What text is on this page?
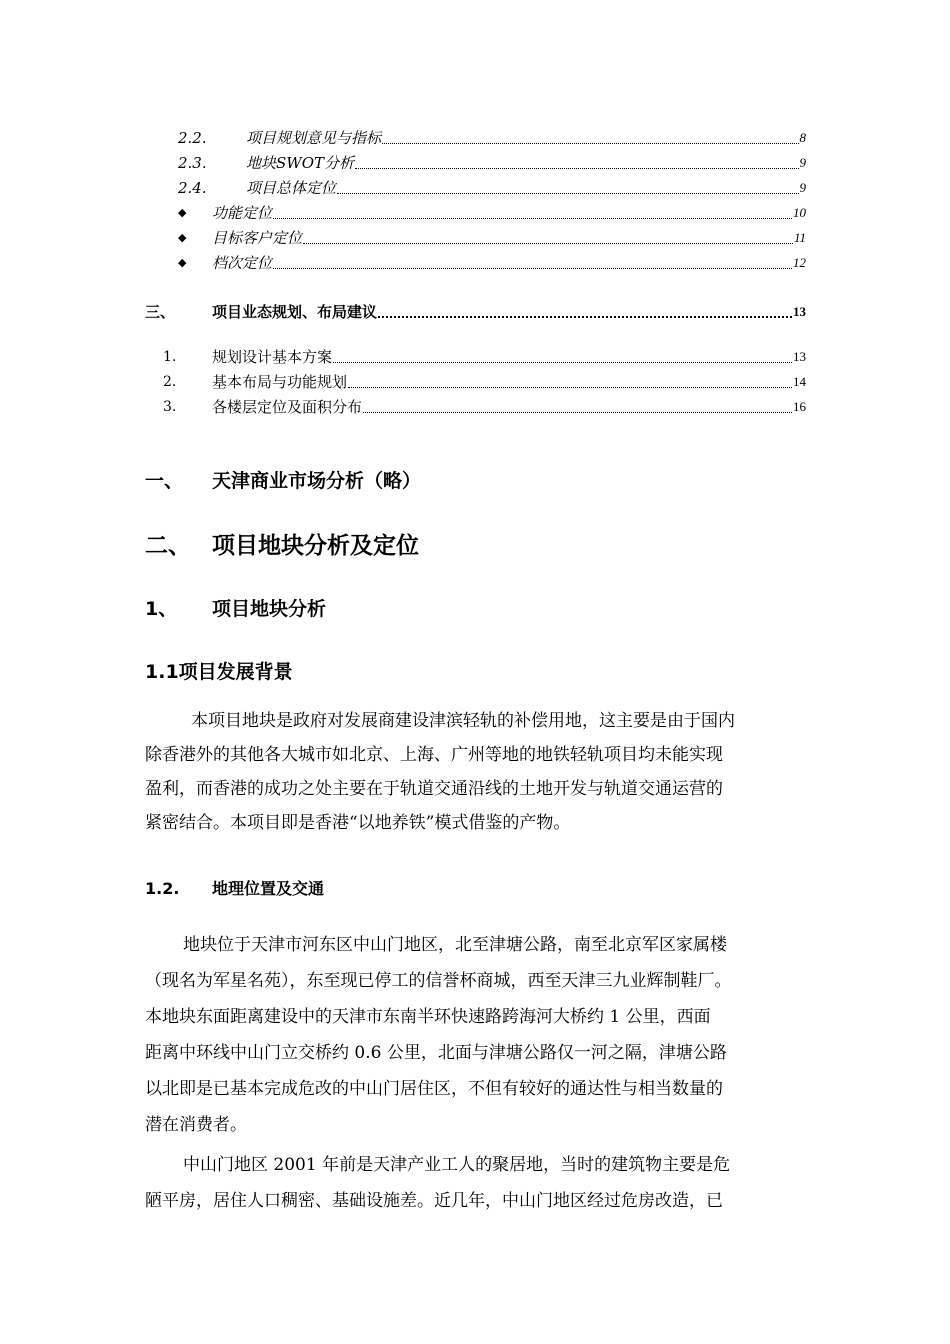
2.2.	项目规划意见与指标	8
2.3.	地块SWOT分析	9
2.4.	项目总体定位	9
◆	功能定位	10
◆	目标客户定位	11
◆	档次定位	12
三、	项目业态规划、布局建议	13
1.	规划设计基本方案	13
2.	基本布局与功能规划	14
3.	各楼层定位及面积分布	16
一、 天津商业市场分析（略）
二、 项目地块分析及定位
1、 项目地块分析
1.1项目发展背景
本项目地块是政府对发展商建设津滨轻轨的补偿用地，这主要是由于国内
除香港外的其他各大城市如北京、上海、广州等地的地铁轻轨项目均未能实现
盈利，而香港的成功之处主要在于轨道交通沿线的土地开发与轨道交通运营的
紧密结合。本项目即是香港“以地养铁”模式借鉴的产物。
1.2. 地理位置及交通
地块位于天津市河东区中山门地区，北至津塘公路，南至北京军区家属楼
（现名为军星名苑），东至现已停工的信誉杯商城，西至天津三九业辉制鞋厂。
本地块东面距离建设中的天津市东南半环快速路跨海河大桥约 1 公里，西面
距离中环线中山门立交桥约 0.6 公里，北面与津塘公路仅一河之隔，津塘公路
以北即是已基本完成危改的中山门居住区，不但有较好的通达性与相当数量的
潜在消费者。
中山门地区 2001 年前是天津产业工人的聚居地，当时的建筑物主要是危
陋平房，居住人口稠密、基础设施差。近几年，中山门地区经过危房改造，已
